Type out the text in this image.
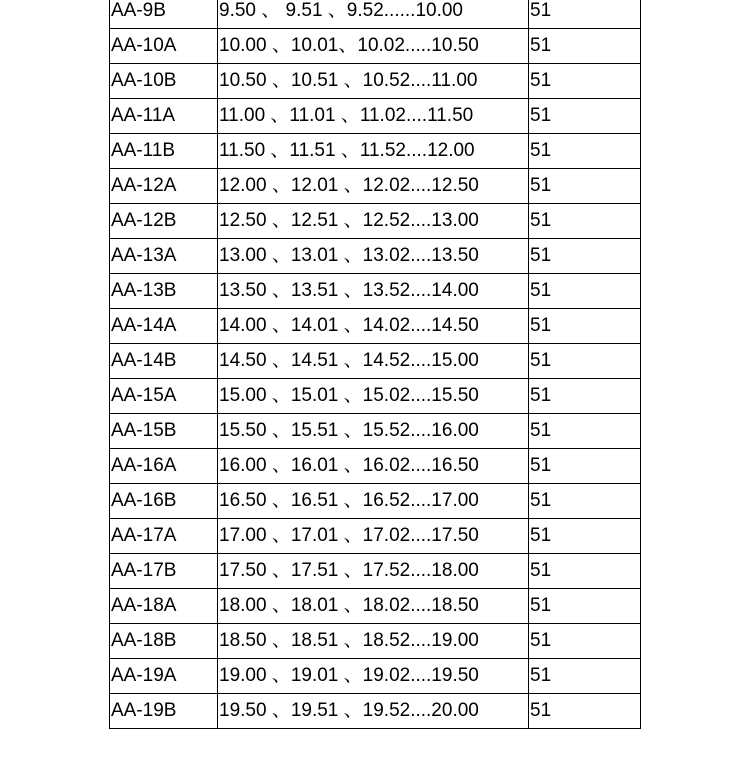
AA-9B	9.50 、 9.51 、9.52......10.00	51
AA-10A	10.00 、10.01、10.02.....10.50	51
AA-10B	10.50 、10.51 、10.52....11.00	51
AA-11A	11.00 、11.01 、11.02....11.50	51
AA-11B	11.50 、11.51 、11.52....12.00	51
AA-12A	12.00 、12.01 、12.02....12.50	51
AA-12B	12.50 、12.51 、12.52....13.00	51
AA-13A	13.00 、13.01 、13.02....13.50	51
AA-13B	13.50 、13.51 、13.52....14.00	51
AA-14A	14.00 、14.01 、14.02....14.50	51
AA-14B	14.50 、14.51 、14.52....15.00	51
AA-15A	15.00 、15.01 、15.02....15.50	51
AA-15B	15.50 、15.51 、15.52....16.00	51
AA-16A	16.00 、16.01 、16.02....16.50	51
AA-16B	16.50 、16.51 、16.52....17.00	51
AA-17A	17.00 、17.01 、17.02....17.50	51
AA-17B	17.50 、17.51 、17.52....18.00	51
AA-18A	18.00 、18.01 、18.02....18.50	51
AA-18B	18.50 、18.51 、18.52....19.00	51
AA-19A	19.00 、19.01 、19.02....19.50	51
AA-19B	19.50 、19.51 、19.52....20.00	51
